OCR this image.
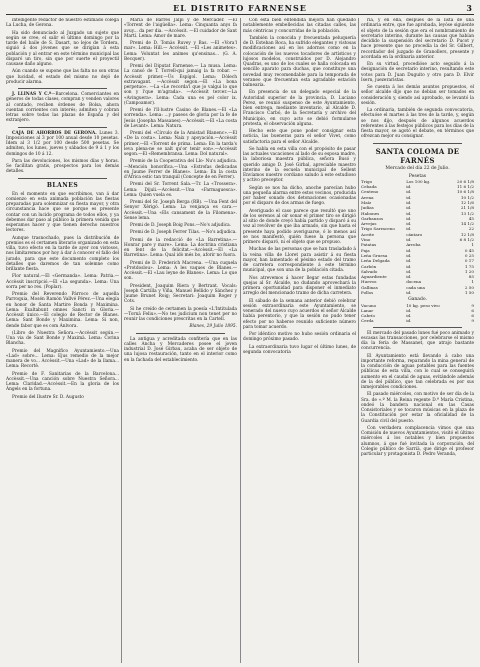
EL DISTRITO FARNENSE	3

intelligente redactor de nuestro estimado colega La Lucha, de Gerona.

Ha sido denunciado al Juzgado un sujeto que según se cree, el salir el último domingo por la tarde del baile de S. Dasart, no lejos de Tordera, siguió á dos jóvenes que se dirigían á esta población y al entrar en este término municipal las disparó un tiro, sin que por suerte el proyectil causase daño alguno.

Aún cuando se supone que las falta no son otras que lucidad, el estado del mismo no dejó de producir alarma.

J. LLINAS Y C.ª—Barcelona. Comerciantes en géneros de todas clases, compran y venden valores al contado, reciben órdenes de Bolsa, ahora cuentan corrientes con interés; admiten y cobran letras sobre todas las plazas de España y del extranjero.

CAJA DE AHORROS DE GERONA. Lunes 3. Imposiciones al 3 por 100 anual desde 10 pesetas. Ídem al 3 1/2 por 100 desde 500 pesetas. Se admiten, los lunes, jueves y sábados de 9 á 1 y los domingos de 10 á 12.

Para las devoluciones, los mismos días y horas. Se facilitan gratis, prospectos para los demás detalles.

BLANES

En el momento en que escribimos, van á dar comienzo en esta animada población las fiestas preparadas para solemnizar su fiesta mayor, y otra circunstancia hace que se porque es presente contar con un lucido programa de todos ellos, y ya debemos dar paso al público la primera venida que esperamos hacer y que tienen derecho nuestros lectores.

Aunque trasnochado, pues la distribución de premios es el certamen literario organizado en esta villa, tuvo efecto en la tarde de ayer con vistosos, nos limitaremos por hoy á dar á conocer el fallo del jurado, para que este documento completo los detalles que daremos de tan solemne como brillante fiesta.

Flor natural.—El «Germanda». Lema: Patria.—Accèssit inscripció.—El «La segunda». Lema: Una sorra per no res. (Poplar).

Premio del Reverendo Párroco de aquella Parroquia, Mosén Ramón Vallvé Pérez.—Una elegía en honor de Santa Martire Bonda y Maximina. Lema: Exaltabunt omnes Sancti in Gloria.—Accèssit único.—El colegio de Rector de Blanes. Lema: Sant Bonde y Maximina. Lema: Si non, dende fabor que es com Ánlvora.

(Libro de Nuestra Señora.—Accèssit según.—Una via de Sant Bonde y Maximà. Lema: Corina Blancha.

Premio del Magnífico Ayuntamiento.—Una «Lad» sobre... Lema: Ejus remedio de la mejor manera de vo... Accèssit.—Una «Lad» de la llama... Lema: Recortè.

Premio de F. Sanitarias de la Barcelona... Accèssit.—Una canción sobre Nuestra Señora... Lema: Claridad.—Accèssit.—En la gloria de los Ángels en la fortuna.

Premio del Ilustre Sr. D. Augusto

Marià de Barrès Jalpí y de Mercader. —El «Torrent de l'aigüella». Lema: Cinquanta anys fa avuy... da per dia. —Accèssit. —El cuidador de Sant Martí. Lema: Amor de mare.

Premi de D. Tomàs Ruvey y Bas. —El «Vora'l mar». Lema: Hill.— Accèssit. —El «Les animetes». Lema: Voluntat les animes qu'ensinas... (G. A. Becquer).

Premi del Diputat Farnense.— La musa. Lema: La cansó de T. Torrell-qui jamaig la fa robar. —Accèssit primer.—Ús Espígol. Lema: Dòlech extravagant. —Accèssit segon.—El «La bona perpetuo». —La «Le recorda'l que jo valgui lo que son y l'que m'agrada». —Accèssit tercer.—La «Avinguera». Lema: Cada una es pel color ix. (Campoamor).

Premi de l'Il·lustre Casino de Blanes.—El «La sorrenda». Lema: ...y paseos de gloria por la fe de Jesús (Josepha Massanes).—Accèssit.—El «La costa de Levant». Lema: Natura.

Premi del «Círculo de la Amistad Blanenc».—El «De la costa». Lema: Naix y apoyación.—Accèssit primer.—El «Torrent de prima. Lema: En la tarda's leva plena-ne se xalt qu'or tenir son».—Accèssit segon.—El «Remembransa. Lema: Dol natural».

Premio de la Cooperativa del Llo- Nu's adjudica. —Mención honorífica.—Una «Estrofas dedicadas en Jaume Ferrer de Blanes». Lema: En la costa d'Àfrica estic tan tranquil (Concepte de en Ferrer).

Premi del Sr. Torrent Sala.—Tr. La «Trossera». Lema: Dijuli.—Accèssit.—Una «Farmaguesca». Lema: Quien vuela es.

Premi del Sr. Joseph Berga (RB). —Una Fent del Senyor Xèrigó. Lema: La venjança es cara.—Accèssit.—Una «Els cansament de la Filomena». Sense lema.

Premi de D. Joseph Boig Pons.—No's adjudica.

Premi de D. Joseph Ferrer Tilas. —No's adjudica.

Premi de la redacció de «La Barretina».—Honrar pare y mare». Lema: La doctrina cristiana en fent de la felicitat.—Accèssit.—El «La Barretina». Lema: Qual idò més bo, aforir no fuora.

Premi de D. Frederich Macrena. —Una cuquela «Protdoslou». Lema: A les vaques de Blanes.—Accèssit.—El «Lau leyne de Blanes». Lema: Lo que son.

President, Joaquim Riera y Bertrant. Vocals: Joseph Cartilla y Viña, Manuel Bellido y Sánchez y Jaume Brunet Roig; Secretari: Joaquim Roger y Cots.

Si he creído de certamen la poesía «L'Intitulada—Tornà Feliu».—No tes judicium non tenet per no reunir las condiciones prescritas en la Cartell.

Blanes, 29 Julio 1895.

La antigua y acreditada confitería que en las calles Ancha y Mercaderes posee el joven industrial D. José Girbau, acaba de ser objeto de una lujosa restauración, tanto en el interior como en la fachada del establecimiento.

Con esta bien entendida mejora han quedado notablemente embellecidas las citadas calles, las más céntricas y concurridas de la población.

También la conocida y frecuentada peluquería de D. Esteban Roca, ha sufrido elegantes y vistosas modificaciones así en los adornos como en la colocación de los nuevos tocadores de artísticos y lujosos modelos, construidos por D. Alejandro Quadras, es uno de los cuales se halla colocada en sencillo aparato para duchas, que constituye una novedad muy recomendable para la temporada de veraneo que frecuentan esta agradable estación balnearia.

En presencia de un delegado especial de la Autoridad superior de la provincia, D. Luciano Perez, se reunió suspenso de este Ayuntamiento, bien entrega, mediante inventario, al Alcalde D. Francisco Carbó, de la Secretaría y archivo del Municipio, en cuyo acto se debió formularse protesta, el observación alguna.

Hecho este que pone poder consignar esta noticia, las bueneras para el señor Vivet, como satisfactoria para el señor Alcalde.

Se habla en esta villa con el propósito de pasar las actuales vacaciones al lado de su esposa madre, la laboriosa maestra pública, señora Busó y querido amigo D. José Girbal, apreciable maestro interino de la escuela municipal de Sellent Envíamos nuestro cordiano saludo á este estudioso y activo preceptor.

Según se nos ha dicho, anoche parecían hubo una pequeña alarma entre estos vecinos, producida por haber sonado dos detonaciones ocasionadas por el disparo de dos armas de fuego.

Averiguado el caso parece que resultó que uno de los serenos al oír sonar el primer tiro se dirigió al sitio de donde creyó había partido y disparó á su vez al revólver de que iba armado, sin que hasta el presente haya podido averiguarse, ó lo menos así se nos manifestó, quién fuese la persona que primero disparó, ni el objeto que se propuso.

Muchas de las personas que se han trasladado á la veina villa de Lloret para asistir á su fiesta mayor, han lamentado el pésimo estado del tramo de carretera correspondiente á este término municipal, que son una de la población citada.

Nos atrevemos á hacer llegar estas fundadas quejas al Sr. Alcalde, no dudando aprovechará la primera oportunidad para disponer el inmediato arreglo del mencionado tramo de dicha carretera.

El sábado de la semana anterior debió celebrar sesión extraordinaria este Ayuntamiento, se venerado del nuevo cuyo acuerdos el señor Alcalde había perentorio, y que la sesión no pudo tener efecto por no haberse reunido suficiente número para tomar acuerdo.

Por idéntico motivo no hubo sesión ordinaria el domingo próximo pasado.

La extraordinaria tuvo lugar el último lunes, de segunda convocatoria

ria, y en ella, después de la lista de una ordinaria entre, que fue aprobada, leyóse siguiente el objeto de la sesión que era el nombramiento de secretario interino, durante las causas que habían decidido la suspensión del secretario D. Pucot y hace presente que no procedía la del Sr. Gilbert, recordador del juzgado de Granollers, presente y acordada en la ordinaria anterior.

En su virtud, procedióse acto seguido á la designación de secretario interino, resultando este votos para D. Juan Duguito y otro para D. Elvir Isern, juezeraristas.

Se cuenta á los demás asuntos propuestos, el señor alcalde dijo que no debían ser tomados en consideración y, siendo así aprobado, se levantó la sesión.

La ordinaria, también de segunda convocatoria, efectuóse el martes á las tres de la tarde, y, según se nos dijo, después de algunos acuerdos referentes á las festejos públicos para los días de la fiesta mayor, se agotó el debate, en términos que ofrezcan mejor su consignar.

SANTA COLOMA DE FARNÉS
Mercado del día 22 de Julio.
Pesetas
Trigo	Los 100 kg.	20 6 1/8
Cebada	id.	11 6 1/2
Centeno	id.	10 6 1/8
Avena	id.	10 1/2
Maíz	id.	12 1/6
Judías	id.	21 1/8
Habones	id.	13 1/2
Garbanzos	id.	45
Arvejas	id.	14 1/2
Trigo Sarraceno	id.	22
Aceite	cántaro	12 1/8
Vino	id.	6 8 1/2
Patatas	Arroba	1
Paja	id.	0 45
Leña Gruesa	id.	0 25
Leña Delgada	id.	0 17
Carbón	id.	1 75
Salvado	id.	1 20
Aguardiente	id.	85
Huevos	docena	1
Gallinas	cada una	2 50
Pollos	id.	1 50
Ganado.
Vacuno	10 kg. peso vivo	9
Lanar	id.	6
Cabrío	id.	6
Cerda	id.	9

El mercado del pasado lunes fué poco animado y escasas las transacciones, por celebrarse el mismo día la feria de Massanet, que atrajo bastante concurrencia.

El Ayuntamiento está llevando á cabo una importante reforma, reparando la mina general de la conducción de aguas potables para las fuentes públicas de esta villa, con lo cual se conseguirá aumento en el caudal de aguas, evitándole además de la del público, que tan celebrada es por sus inmejorables condiciones.

El pasado miércoles, con motivo de ser día de la Sra. de «.º M. la Reina regente D.ª María Cristina, ondeó la bandera nacional en las Casas Consistoriales y se tocaron músicas en la plaza de la Constitución por estar la oficialidad de la Guardia civil del puesto.

Con verdadera complacencia vimos que una Comisión de nuevos Ayuntamientos, visitó el último miércoles á los notables y bien propuestos alumnos, á que fué invitada la corporación, del Colegio público de Sarrià, que dirige el profesor particular y protagonista D. Pedro Veranda,
